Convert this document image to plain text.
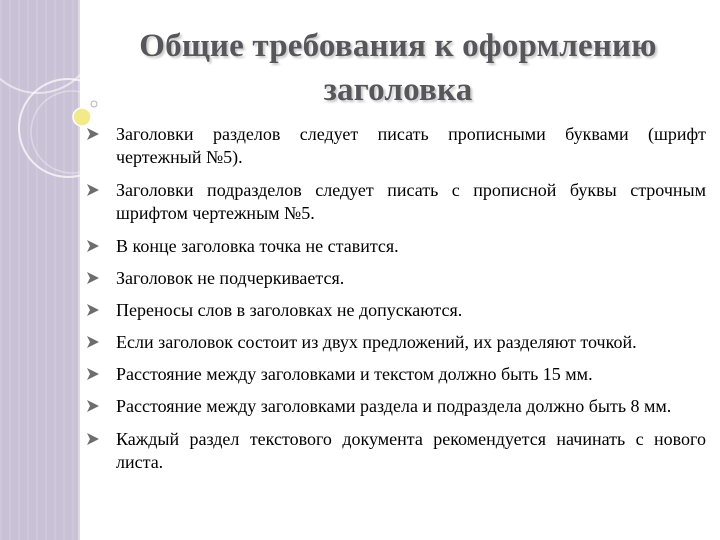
Общие требования к оформлению
заголовка
Заголовки разделов следует писать прописными буквами (шрифт чертежный №5).
Заголовки подразделов следует писать с прописной буквы строчным шрифтом чертежным №5.
В конце заголовка точка не ставится.
Заголовок не подчеркивается.
Переносы слов в заголовках не допускаются.
Если заголовок состоит из двух предложений, их разделяют точкой.
Расстояние между заголовками и текстом должно быть 15 мм.
Расстояние между заголовками раздела и подраздела должно быть 8 мм.
Каждый раздел текстового документа рекомендуется начинать с нового листа.
